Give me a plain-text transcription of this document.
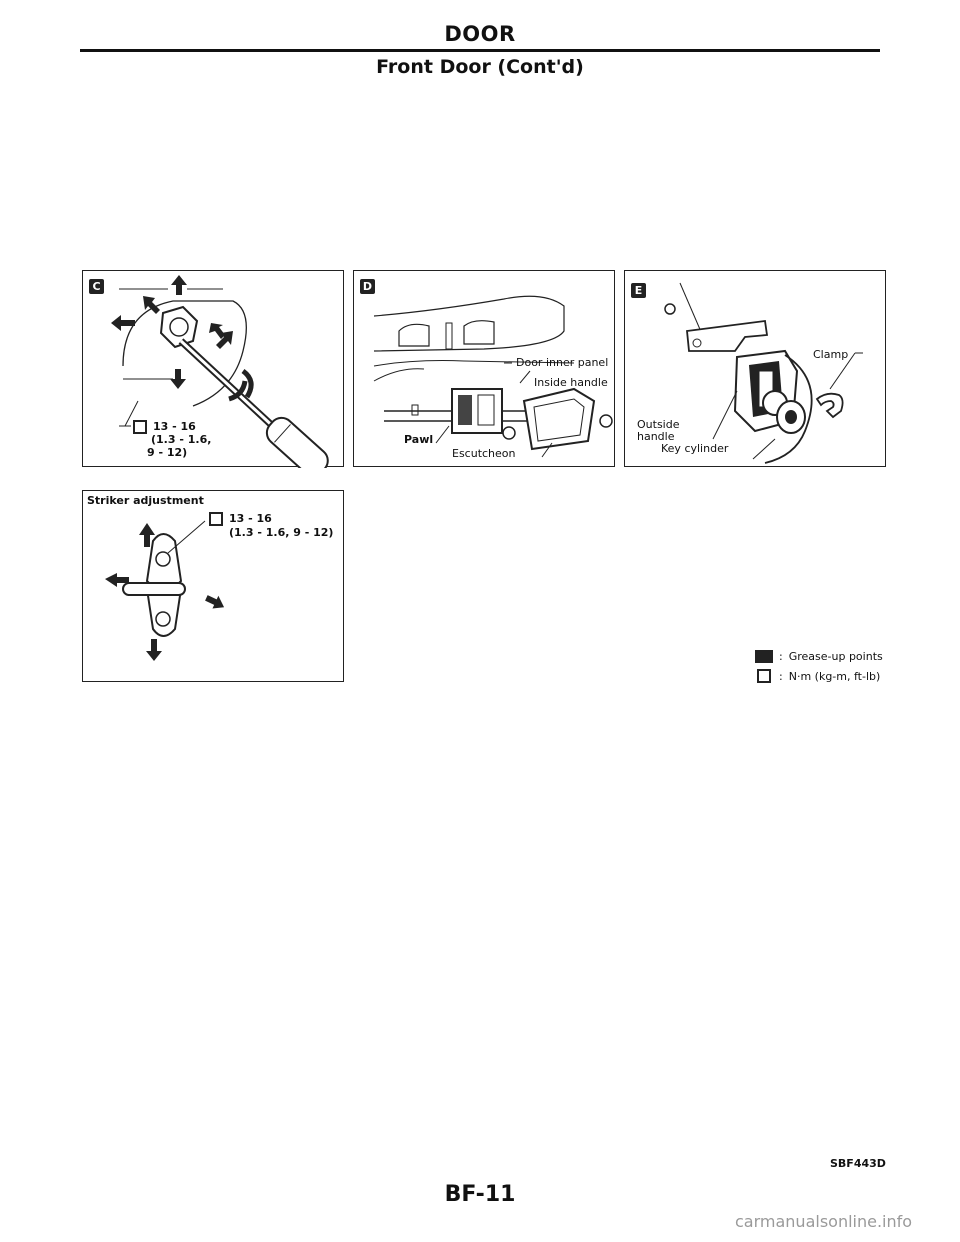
DOOR
Front Door (Cont'd)
C
13 - 16
(1.3 - 1.6,
9 - 12)
D
Door inner panel
Inside handle
Pawl
Escutcheon
E
Clamp
Outside
handle
Key cylinder
Striker adjustment
13 - 16
(1.3 - 1.6, 9 - 12)
: Grease-up points
: N·m (kg-m, ft-lb)
SBF443D
BF-11
carmanualsonline.info
